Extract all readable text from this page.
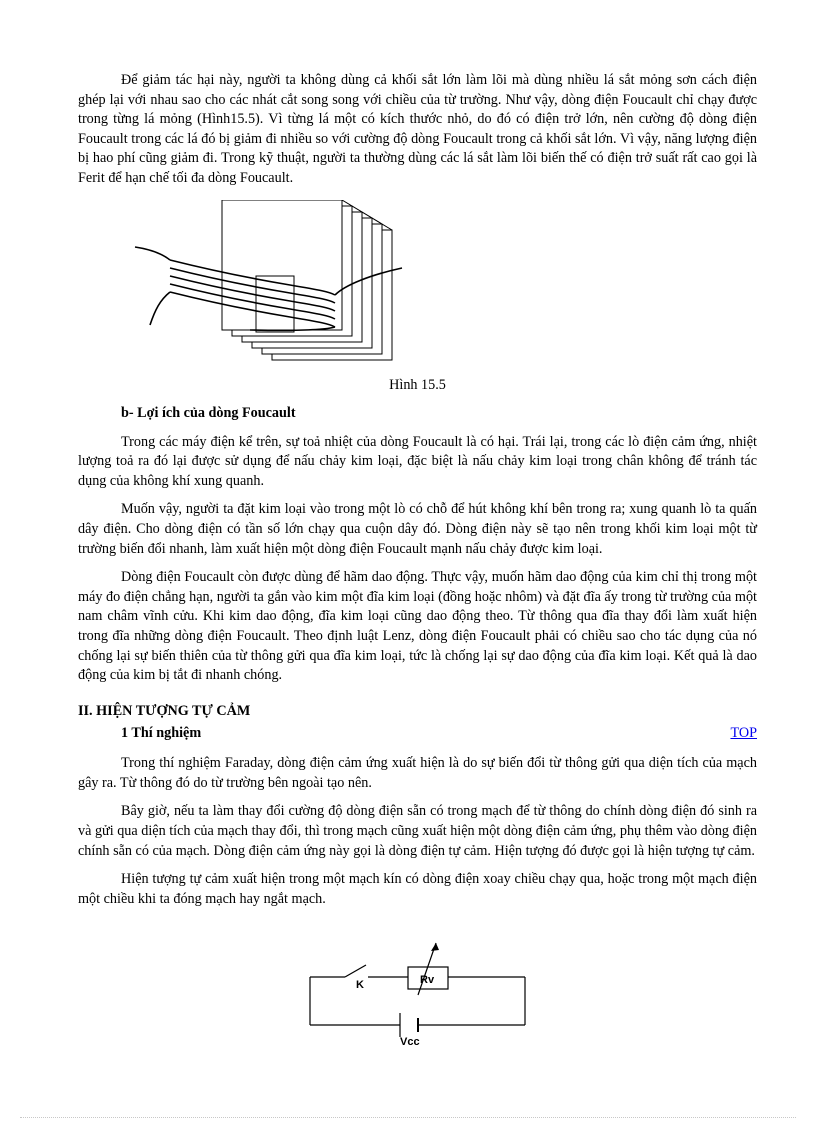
Để giảm tác hại này, người ta không dùng cả khối sắt lớn làm lõi mà dùng nhiều lá sắt mỏng sơn cách điện ghép lại với nhau sao cho các nhát cắt song song với chiều của từ trường. Như vậy, dòng điện Foucault chỉ chạy được trong từng lá mỏng (Hình15.5). Vì từng lá một có kích thước nhỏ, do đó có điện trở lớn, nên cường độ dòng điện Foucault trong các lá đó bị giảm đi nhiều so với cường độ dòng Foucault trong cả khối sắt lớn. Vì vậy, năng lượng điện bị hao phí cũng giảm đi. Trong kỹ thuật, người ta thường dùng các lá sắt làm lõi biến thế có điện trở suất rất cao gọi là Ferit để hạn chế tối đa dòng Foucault.

Hình 15.5

b- Lợi ích của dòng Foucault

Trong các máy điện kể trên, sự toả nhiệt của dòng Foucault là có hại. Trái lại, trong các lò điện cảm ứng, nhiệt lượng toả ra đó lại được sử dụng để nấu chảy kim loại, đặc biệt là nấu chảy kim loại trong chân không để tránh tác dụng của không khí xung quanh.

Muốn vậy, người ta đặt kim loại vào trong một lò có chỗ để hút không khí bên trong ra; xung quanh lò ta quấn dây điện. Cho dòng điện có tần số lớn chạy qua cuộn dây đó. Dòng điện này sẽ tạo nên trong khối kim loại một từ trường biến đổi nhanh, làm xuất hiện một dòng điện Foucault mạnh nấu chảy được kim loại.

Dòng điện Foucault còn được dùng để hãm dao động. Thực vậy, muốn hãm dao động của kim chỉ thị trong một máy đo điện chẳng hạn, người ta gắn vào kim một đĩa kim loại (đồng hoặc nhôm) và đặt đĩa ấy trong từ trường của một nam châm vĩnh cửu. Khi kim dao động, đĩa kim loại cũng dao động theo. Từ thông qua đĩa thay đổi làm xuất hiện trong đĩa những dòng điện Foucault. Theo định luật Lenz, dòng điện Foucault phải có chiều sao cho tác dụng của nó chống lại sự biến thiên của từ thông gửi qua đĩa kim loại, tức là chống lại sự dao động của đĩa kim loại. Kết quả là dao động của kim bị tắt đi nhanh chóng.

II. HIỆN TƯỢNG TỰ CẢM

1 Thí nghiệm	TOP

Trong thí nghiệm Faraday, dòng điện cảm ứng xuất hiện là do sự biến đổi từ thông gửi qua diện tích của mạch gây ra. Từ thông đó do từ trường bên ngoài tạo nên.

Bây giờ, nếu ta làm thay đổi cường độ dòng điện sẵn có trong mạch để từ thông do chính dòng điện đó sinh ra và gửi qua diện tích của mạch thay đổi, thì trong mạch cũng xuất hiện một dòng điện cảm ứng, phụ thêm vào dòng điện chính sẵn có của mạch. Dòng điện cảm ứng này gọi là dòng điện tự cảm. Hiện tượng đó được gọi là hiện tượng tự cảm.

Hiện tượng tự cảm xuất hiện trong một mạch kín có dòng điện xoay chiều chạy qua, hoặc trong một mạch điện một chiều khi ta đóng mạch hay ngắt mạch.

K	Rv
Vcc
